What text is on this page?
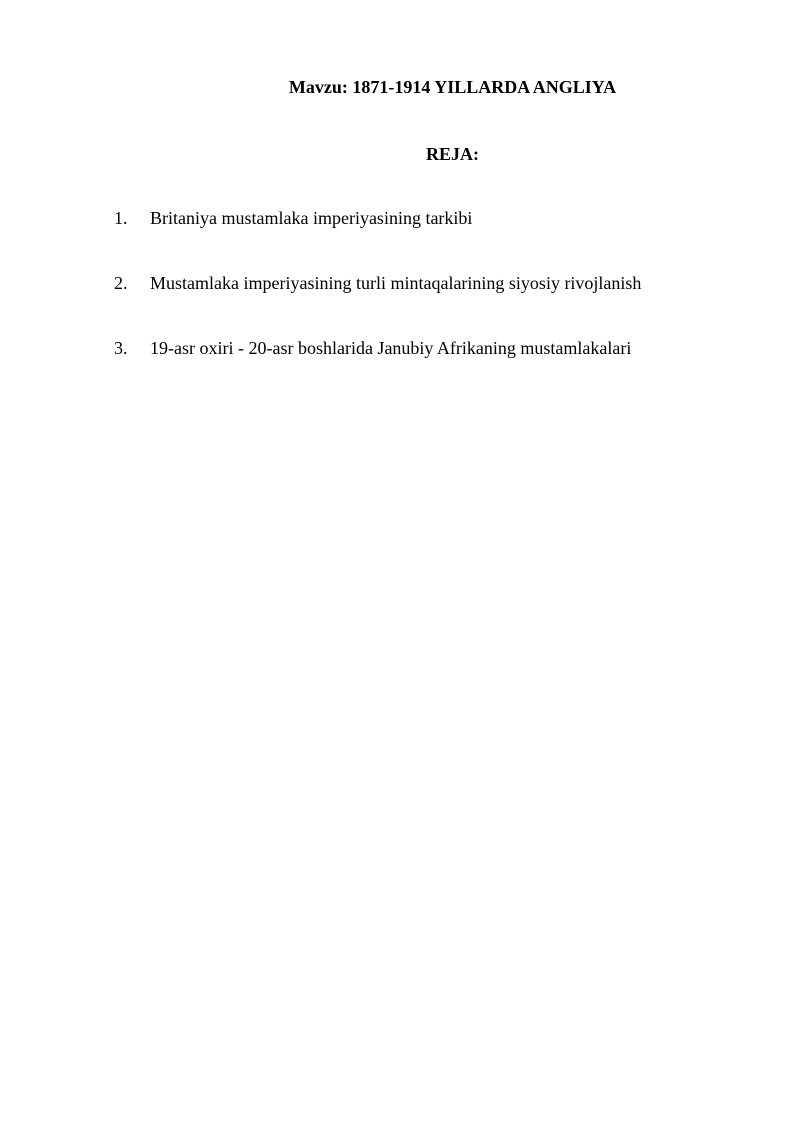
Mavzu: 1871-1914 YILLARDA ANGLIYA
REJA:
1.	Britaniya mustamlaka imperiyasining tarkibi
2.	Mustamlaka imperiyasining turli mintaqalarining siyosiy rivojlanish
3.	19-asr oxiri - 20-asr boshlarida Janubiy Afrikaning mustamlakalari
